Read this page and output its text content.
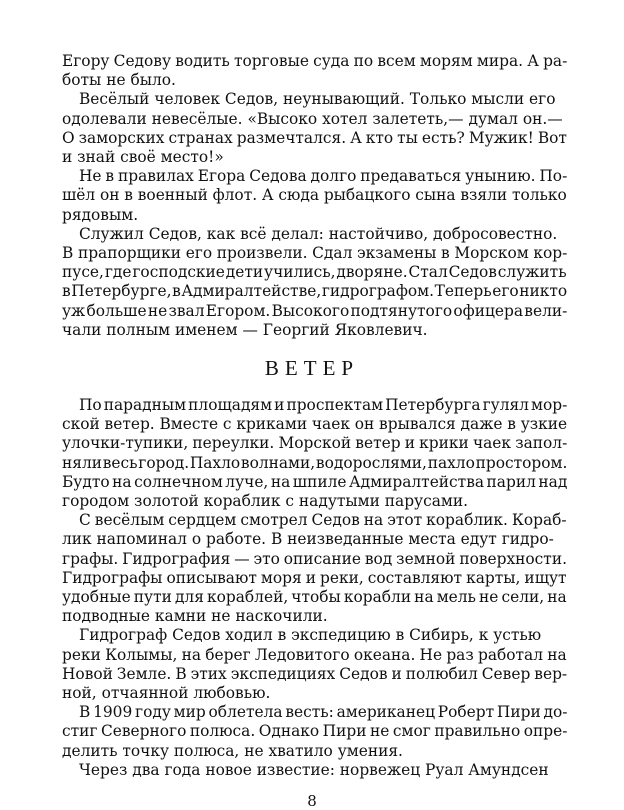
Егору Седову водить торговые суда по всем морям мира. А ра-
боты не было.
Весёлый человек Седов, неунывающий. Только мысли его
одолевали невесёлые. «Высоко хотел залететь,— думал он.—
О заморских странах размечтался. А кто ты есть? Мужик! Вот
и знай своё место!»
Не в правилах Егора Седова долго предаваться унынию. По-
шёл он в военный флот. А сюда рыбацкого сына взяли только
рядовым.
Служил Седов, как всё делал: настойчиво, добросовестно.
В прапорщики его произвели. Сдал экзамены в Морском кор-
пусе, где господские дети учились, дворяне. Стал Седов служить
в Петербурге, в Адмиралтействе, гидрографом. Теперь его никто
уж больше не звал Егором. Высокого подтянутого офицера вели-
чали полным именем — Георгий Яковлевич.
ВЕТЕР
По парадным площадям и проспектам Петербурга гулял мор-
ской ветер. Вместе с криками чаек он врывался даже в узкие
улочки-тупики, переулки. Морской ветер и крики чаек запол-
няли весь город. Пахло волнами, водорослями, пахло простором.
Будто на солнечном луче, на шпиле Адмиралтейства парил над
городом золотой кораблик с надутыми парусами.
С весёлым сердцем смотрел Седов на этот кораблик. Кораб-
лик напоминал о работе. В неизведанные места едут гидро-
графы. Гидрография — это описание вод земной поверхности.
Гидрографы описывают моря и реки, составляют карты, ищут
удобные пути для кораблей, чтобы корабли на мель не сели, на
подводные камни не наскочили.
Гидрограф Седов ходил в экспедицию в Сибирь, к устью
реки Колымы, на берег Ледовитого океана. Не раз работал на
Новой Земле. В этих экспедициях Седов и полюбил Север вер-
ной, отчаянной любовью.
В 1909 году мир облетела весть: американец Роберт Пири до-
стиг Северного полюса. Однако Пири не смог правильно опре-
делить точку полюса, не хватило умения.
Через два года новое известие: норвежец Руал Амундсен
8
